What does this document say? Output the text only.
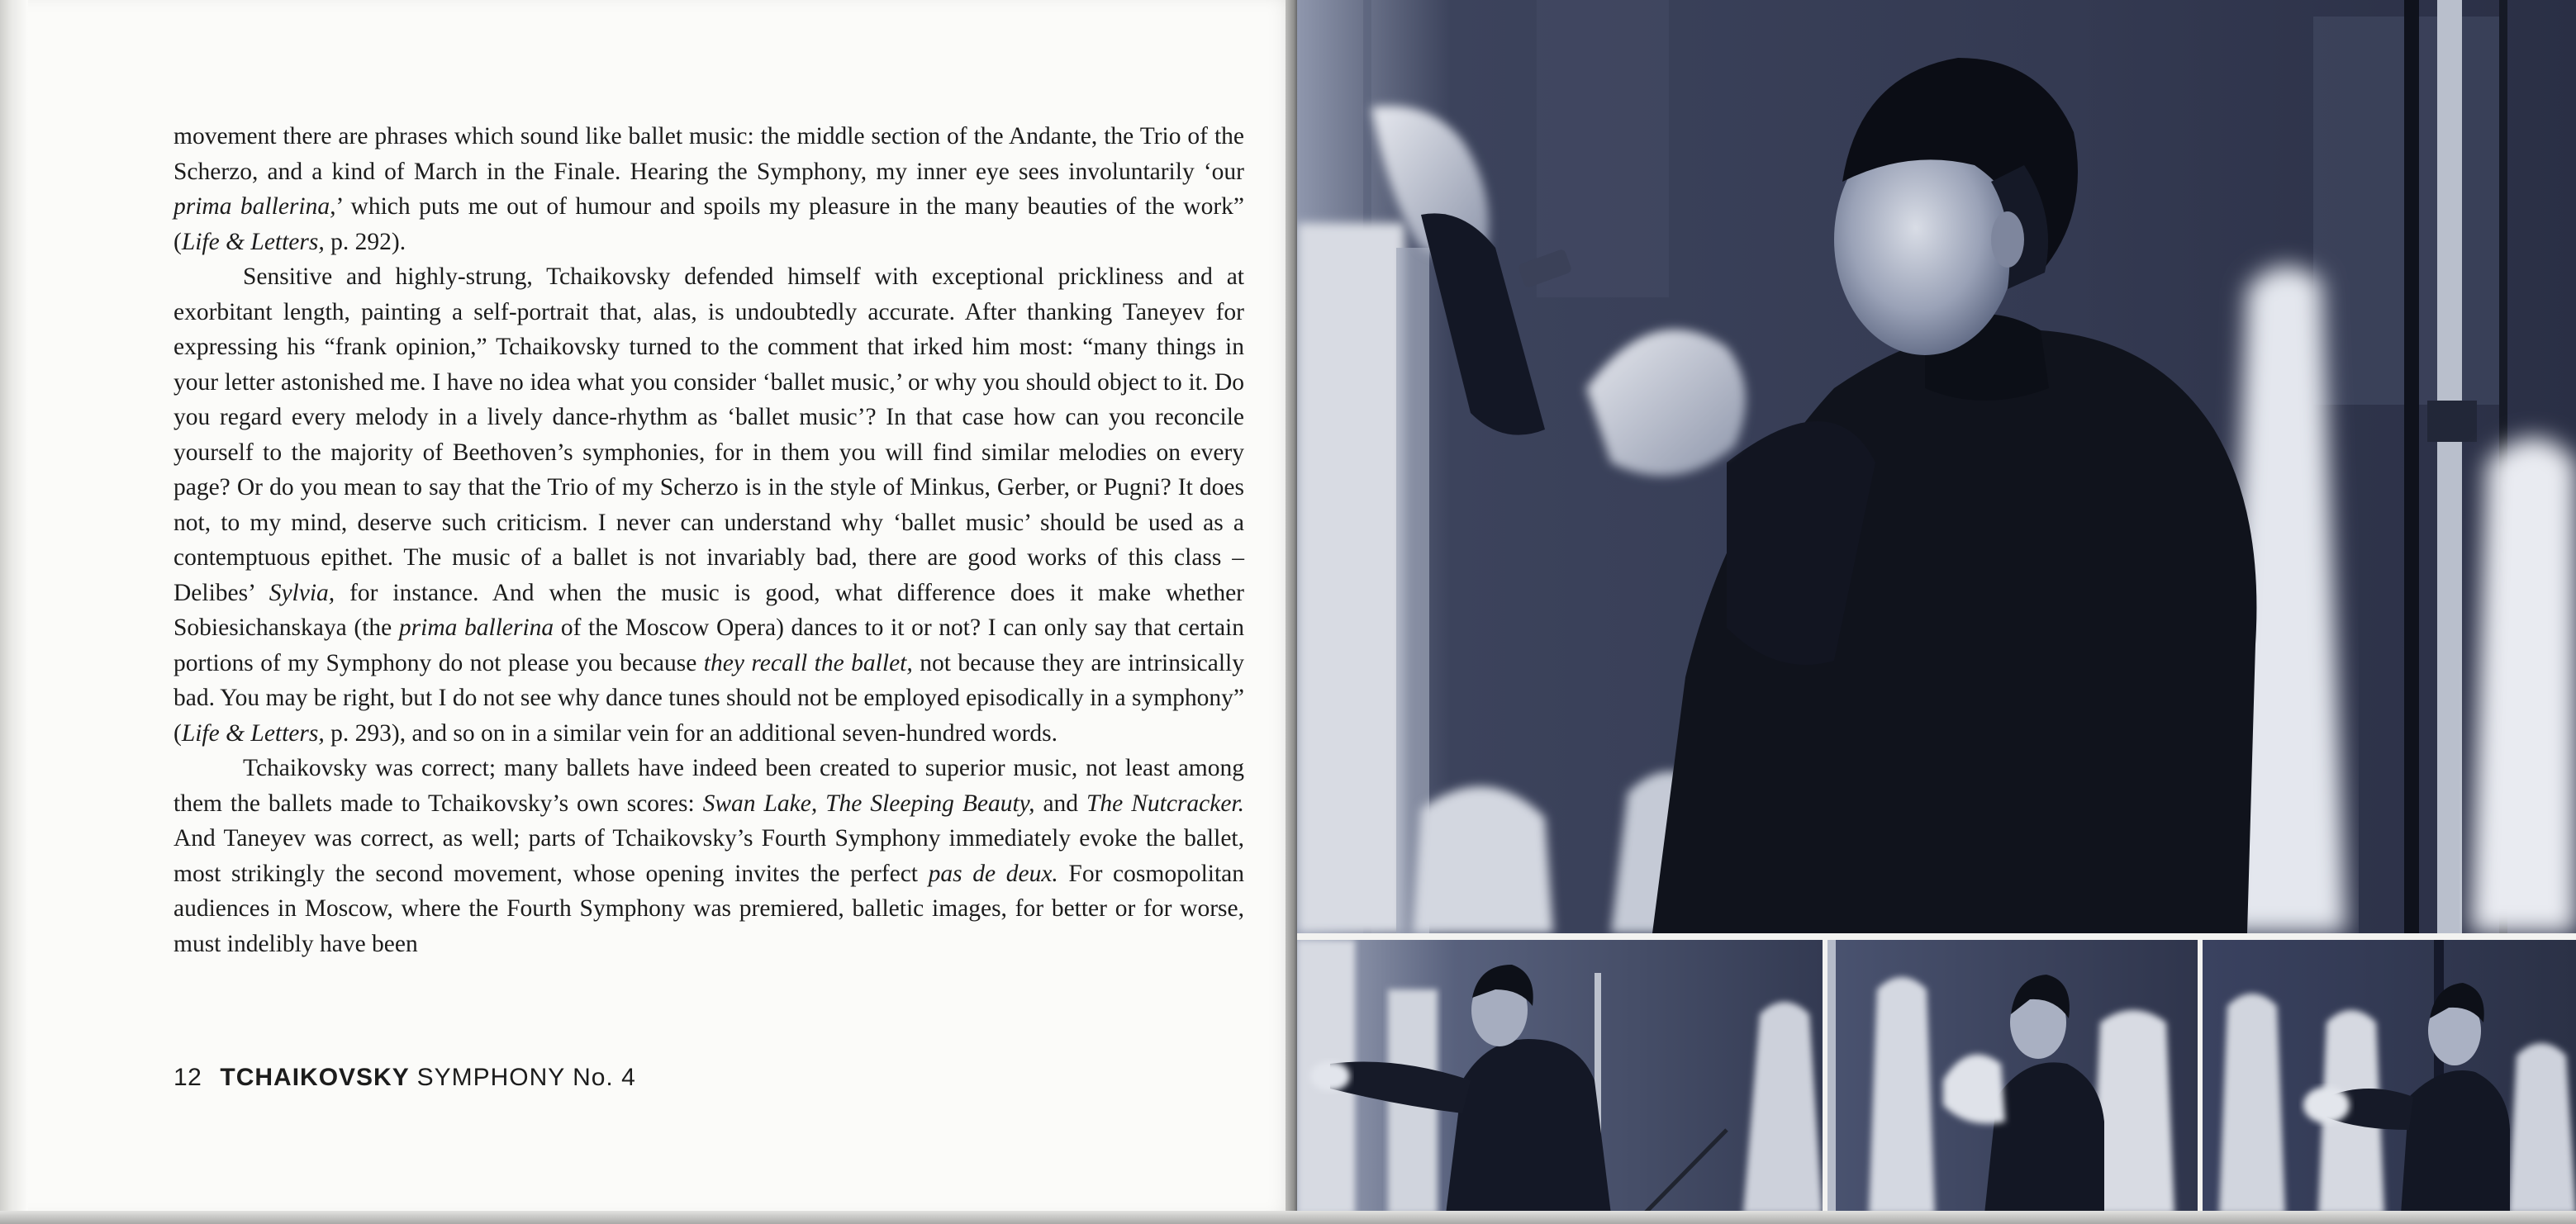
movement there are phrases which sound like ballet music: the middle section of the Andante, the Trio of the Scherzo, and a kind of March in the Finale. Hearing the Symphony, my inner eye sees involuntarily ‘our prima ballerina,’ which puts me out of humour and spoils my pleasure in the many beauties of the work” (Life & Letters, p. 292).

Sensitive and highly-strung, Tchaikovsky defended himself with exceptional prickliness and at exorbitant length, painting a self-portrait that, alas, is undoubtedly accurate. After thanking Taneyev for expressing his “frank opinion,” Tchaikovsky turned to the comment that irked him most: “many things in your letter astonished me. I have no idea what you consider ‘ballet music,’ or why you should object to it. Do you regard every melody in a lively dance-rhythm as ‘ballet music’? In that case how can you reconcile yourself to the majority of Beethoven’s symphonies, for in them you will find similar melodies on every page? Or do you mean to say that the Trio of my Scherzo is in the style of Minkus, Gerber, or Pugni? It does not, to my mind, deserve such criticism. I never can understand why ‘ballet music’ should be used as a contemptuous epithet. The music of a ballet is not invariably bad, there are good works of this class – Delibes’ Sylvia, for instance. And when the music is good, what difference does it make whether Sobiesichanskaya (the prima ballerina of the Moscow Opera) dances to it or not? I can only say that certain portions of my Symphony do not please you because they recall the ballet, not because they are intrinsically bad. You may be right, but I do not see why dance tunes should not be employed episodically in a symphony” (Life & Letters, p. 293), and so on in a similar vein for an additional seven-hundred words.

Tchaikovsky was correct; many ballets have indeed been created to superior music, not least among them the ballets made to Tchaikovsky’s own scores: Swan Lake, The Sleeping Beauty, and The Nutcracker. And Taneyev was correct, as well; parts of Tchaikovsky’s Fourth Symphony immediately evoke the ballet, most strikingly the second movement, whose opening invites the perfect pas de deux. For cosmopolitan audiences in Moscow, where the Fourth Symphony was premiered, balletic images, for better or for worse, must indelibly have been

12 TCHAIKOVSKY SYMPHONY No. 4
